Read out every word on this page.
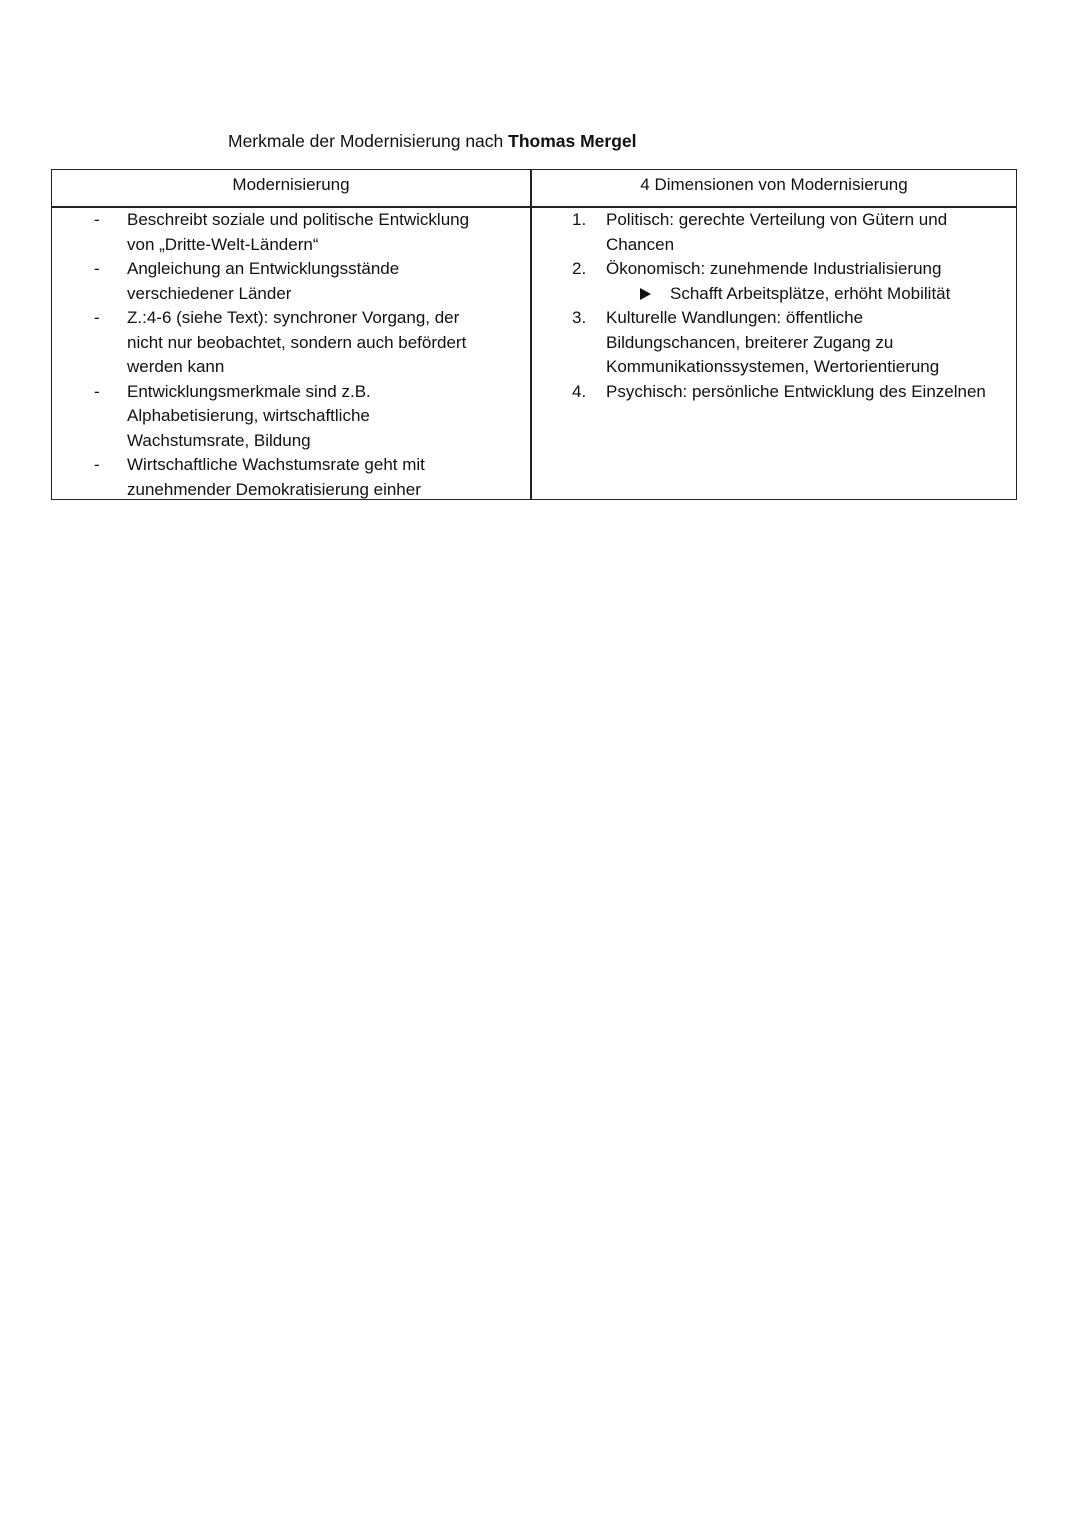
Merkmale der Modernisierung nach Thomas Mergel
Modernisierung	4 Dimensionen von Modernisierung
- Beschreibt soziale und politische Entwicklung
von „Dritte-Welt-Ländern“
- Angleichung an Entwicklungsstände
verschiedener Länder
- Z.:4-6 (siehe Text): synchroner Vorgang, der
nicht nur beobachtet, sondern auch befördert
werden kann
- Entwicklungsmerkmale sind z.B.
Alphabetisierung, wirtschaftliche
Wachstumsrate, Bildung
- Wirtschaftliche Wachstumsrate geht mit
zunehmender Demokratisierung einher
1. Politisch: gerechte Verteilung von Gütern und
Chancen
2. Ökonomisch: zunehmende Industrialisierung
Schafft Arbeitsplätze, erhöht Mobilität
3. Kulturelle Wandlungen: öffentliche
Bildungschancen, breiterer Zugang zu
Kommunikationssystemen, Wertorientierung
4. Psychisch: persönliche Entwicklung des Einzelnen
